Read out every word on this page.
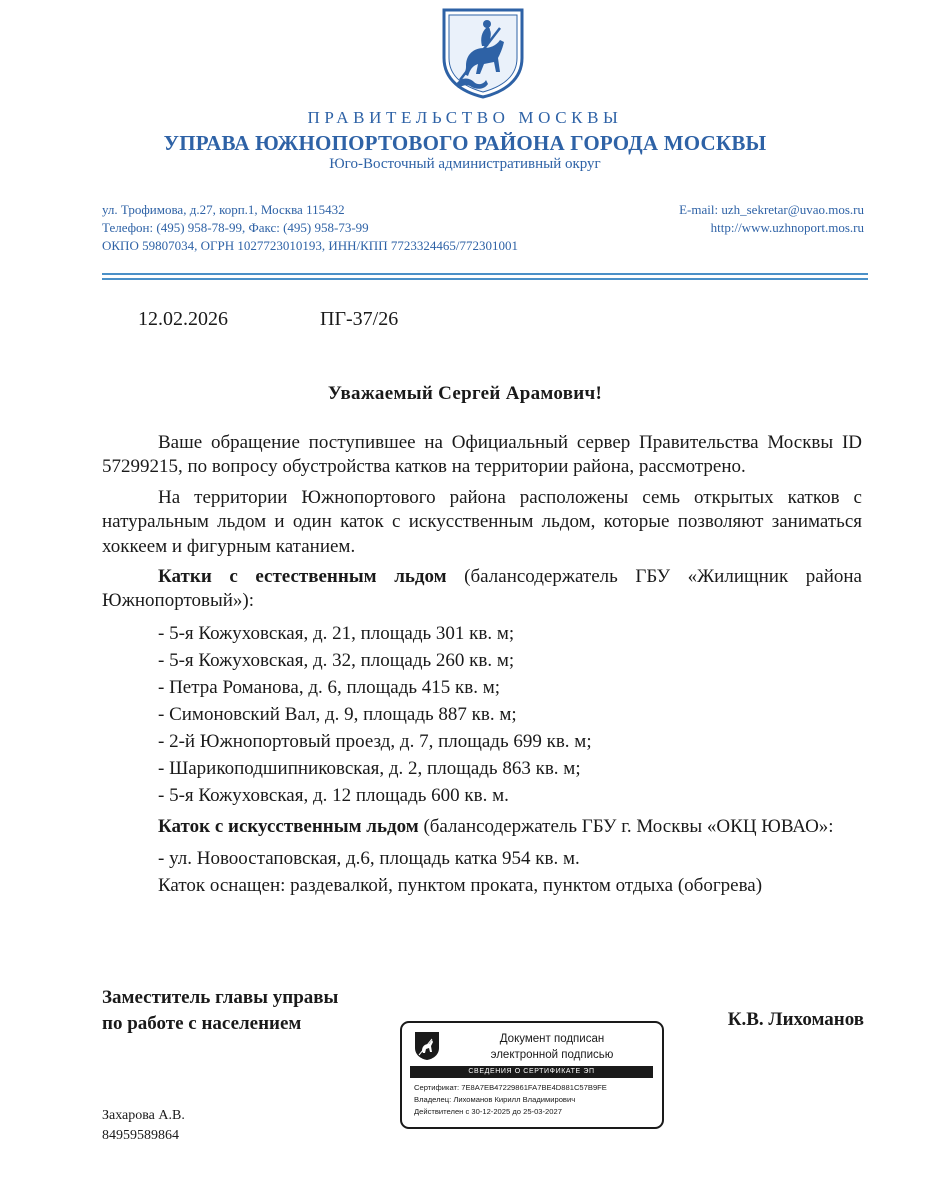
ПРАВИТЕЛЬСТВО МОСКВЫ
УПРАВА ЮЖНОПОРТОВОГО РАЙОНА ГОРОДА МОСКВЫ
Юго-Восточный административный округ
ул. Трофимова, д.27, корп.1, Москва 115432
Телефон: (495) 958-78-99, Факс: (495) 958-73-99
ОКПО 59807034, ОГРН 1027723010193, ИНН/КПП 7723324465/772301001
E-mail: uzh_sekretar@uvao.mos.ru
http://www.uzhnoport.mos.ru
12.02.2026	ПГ-37/26
Уважаемый Сергей Арамович!

Ваше обращение поступившее на Официальный сервер Правительства Москвы ID 57299215, по вопросу обустройства катков на территории района, рассмотрено.

На территории Южнопортового района расположены семь открытых катков с натуральным льдом и один каток с искусственным льдом, которые позволяют заниматься хоккеем и фигурным катанием.

Катки с естественным льдом (балансодержатель ГБУ «Жилищник района Южнопортовый»):

- 5-я Кожуховская, д. 21, площадь 301 кв. м;
- 5-я Кожуховская, д. 32, площадь 260 кв. м;
- Петра Романова, д. 6, площадь 415 кв. м;
- Симоновский Вал, д. 9, площадь 887 кв. м;
- 2-й Южнопортовый проезд, д. 7, площадь 699 кв. м;
- Шарикоподшипниковская, д. 2, площадь 863 кв. м;
- 5-я Кожуховская, д. 12 площадь 600 кв. м.

Каток с искусственным льдом (балансодержатель ГБУ г. Москвы «ОКЦ ЮВАО»:

- ул. Новоостаповская, д.6, площадь катка 954 кв. м.

Каток оснащен: раздевалкой, пунктом проката, пунктом отдыха (обогрева)

Заместитель главы управы
по работе с населением	К.В. Лихоманов
Документ подписан
электронной подписью
СВЕДЕНИЯ О СЕРТИФИКАТЕ ЭП
Сертификат: 7E8A7EB47229861FA7BE4D881C57B9FE
Владелец: Лихоманов Кирилл Владимирович
Действителен с 30-12-2025 до 25-03-2027
Захарова А.В.
84959589864
